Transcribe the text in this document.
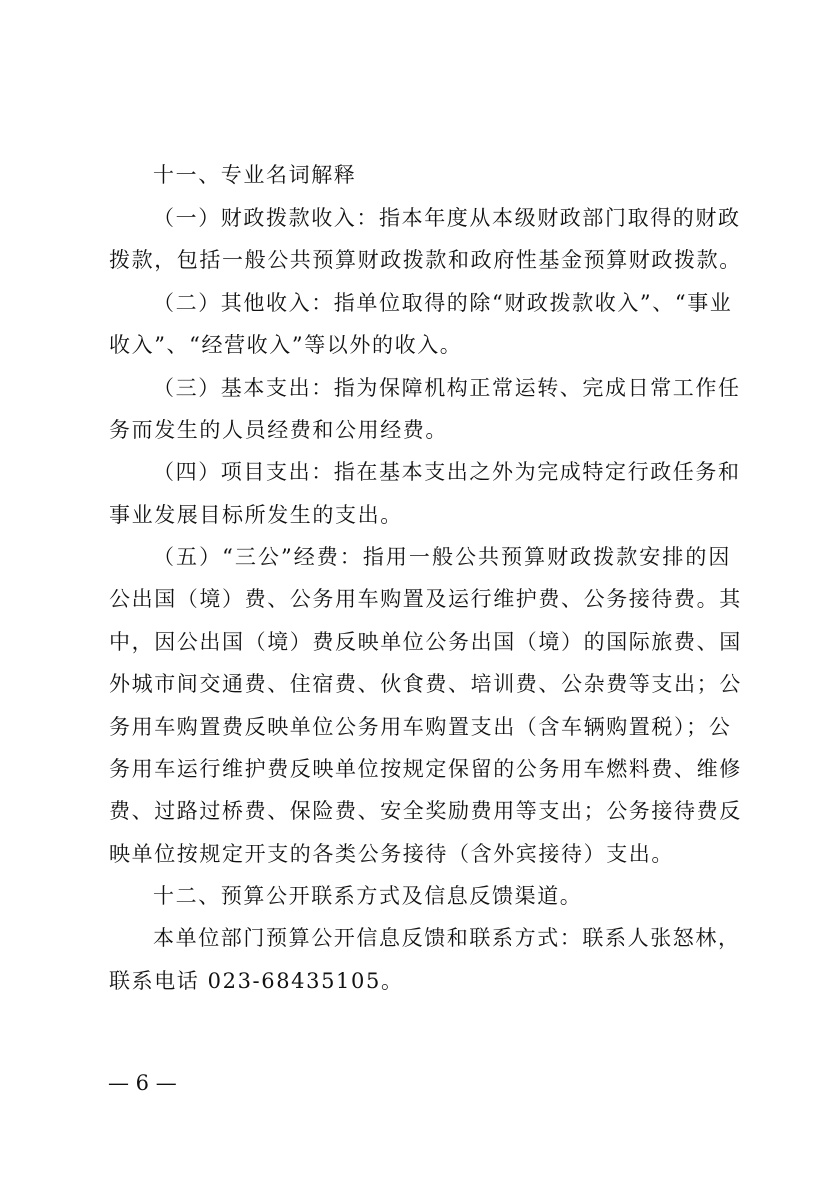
十一、专业名词解释
（一）财政拨款收入：指本年度从本级财政部门取得的财政
拨款，包括一般公共预算财政拨款和政府性基金预算财政拨款。
（二）其他收入：指单位取得的除“财政拨款收入”、“事业
收入”、“经营收入”等以外的收入。
（三）基本支出：指为保障机构正常运转、完成日常工作任
务而发生的人员经费和公用经费。
（四）项目支出：指在基本支出之外为完成特定行政任务和
事业发展目标所发生的支出。
（五）“三公”经费：指用一般公共预算财政拨款安排的因
公出国（境）费、公务用车购置及运行维护费、公务接待费。其
中，因公出国（境）费反映单位公务出国（境）的国际旅费、国
外城市间交通费、住宿费、伙食费、培训费、公杂费等支出；公
务用车购置费反映单位公务用车购置支出（含车辆购置税）；公
务用车运行维护费反映单位按规定保留的公务用车燃料费、维修
费、过路过桥费、保险费、安全奖励费用等支出；公务接待费反
映单位按规定开支的各类公务接待（含外宾接待）支出。
十二、预算公开联系方式及信息反馈渠道。
本单位部门预算公开信息反馈和联系方式：联系人张怒林，
联系电话 023-68435105。
— 6 —
